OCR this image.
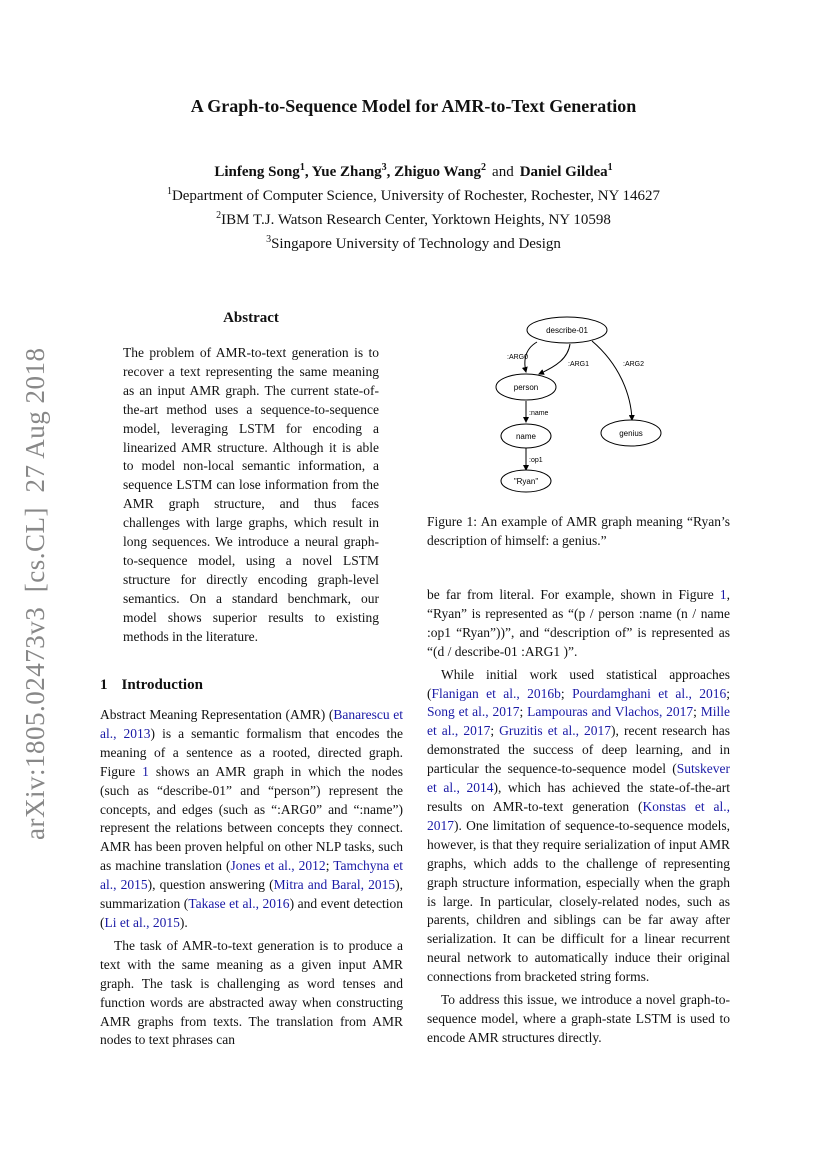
A Graph-to-Sequence Model for AMR-to-Text Generation
Linfeng Song$^1$, Yue Zhang$^3$, Zhiguo Wang$^2$ and Daniel Gildea$^1$
$^1$Department of Computer Science, University of Rochester, Rochester, NY 14627
$^2$IBM T.J. Watson Research Center, Yorktown Heights, NY 10598
$^3$Singapore University of Technology and Design
arXiv:1805.02473v3  [cs.CL]  27 Aug 2018
Abstract
The problem of AMR-to-text generation is to recover a text representing the same meaning as an input AMR graph. The current state-of-the-art method uses a sequence-to-sequence model, leveraging LSTM for encoding a linearized AMR structure. Although it is able to model non-local semantic information, a sequence LSTM can lose information from the AMR graph structure, and thus faces challenges with large graphs, which result in long sequences. We introduce a neural graph-to-sequence model, using a novel LSTM structure for directly encoding graph-level semantics. On a standard benchmark, our model shows superior results to existing methods in the literature.
1 Introduction

Abstract Meaning Representation (AMR) (Banarescu et al., 2013) is a semantic formalism that encodes the meaning of a sentence as a rooted, directed graph. Figure 1 shows an AMR graph in which the nodes (such as “describe-01” and “person”) represent the concepts, and edges (such as “:ARG0” and “:name”) represent the relations between concepts they connect. AMR has been proven helpful on other NLP tasks, such as machine translation (Jones et al., 2012; Tamchyna et al., 2015), question answering (Mitra and Baral, 2015), summarization (Takase et al., 2016) and event detection (Li et al., 2015).

The task of AMR-to-text generation is to produce a text with the same meaning as a given input AMR graph. The task is challenging as word tenses and function words are abstracted away when constructing AMR graphs from texts. The translation from AMR nodes to text phrases can

:ARG0
:ARG1	:ARG2
:name
:op1
describe-01
person
name
"Ryan"
genius
Figure 1: An example of AMR graph meaning “Ryan’s description of himself: a genius.”

be far from literal. For example, shown in Figure 1, “Ryan” is represented as “(p / person :name (n / name :op1 “Ryan”))”, and “description of” is represented as “(d / describe-01 :ARG1 )”.

While initial work used statistical approaches (Flanigan et al., 2016b; Pourdamghani et al., 2016; Song et al., 2017; Lampouras and Vlachos, 2017; Mille et al., 2017; Gruzitis et al., 2017), recent research has demonstrated the success of deep learning, and in particular the sequence-to-sequence model (Sutskever et al., 2014), which has achieved the state-of-the-art results on AMR-to-text generation (Konstas et al., 2017). One limitation of sequence-to-sequence models, however, is that they require serialization of input AMR graphs, which adds to the challenge of representing graph structure information, especially when the graph is large. In particular, closely-related nodes, such as parents, children and siblings can be far away after serialization. It can be difficult for a linear recurrent neural network to automatically induce their original connections from bracketed string forms.

To address this issue, we introduce a novel graph-to-sequence model, where a graph-state LSTM is used to encode AMR structures directly.
